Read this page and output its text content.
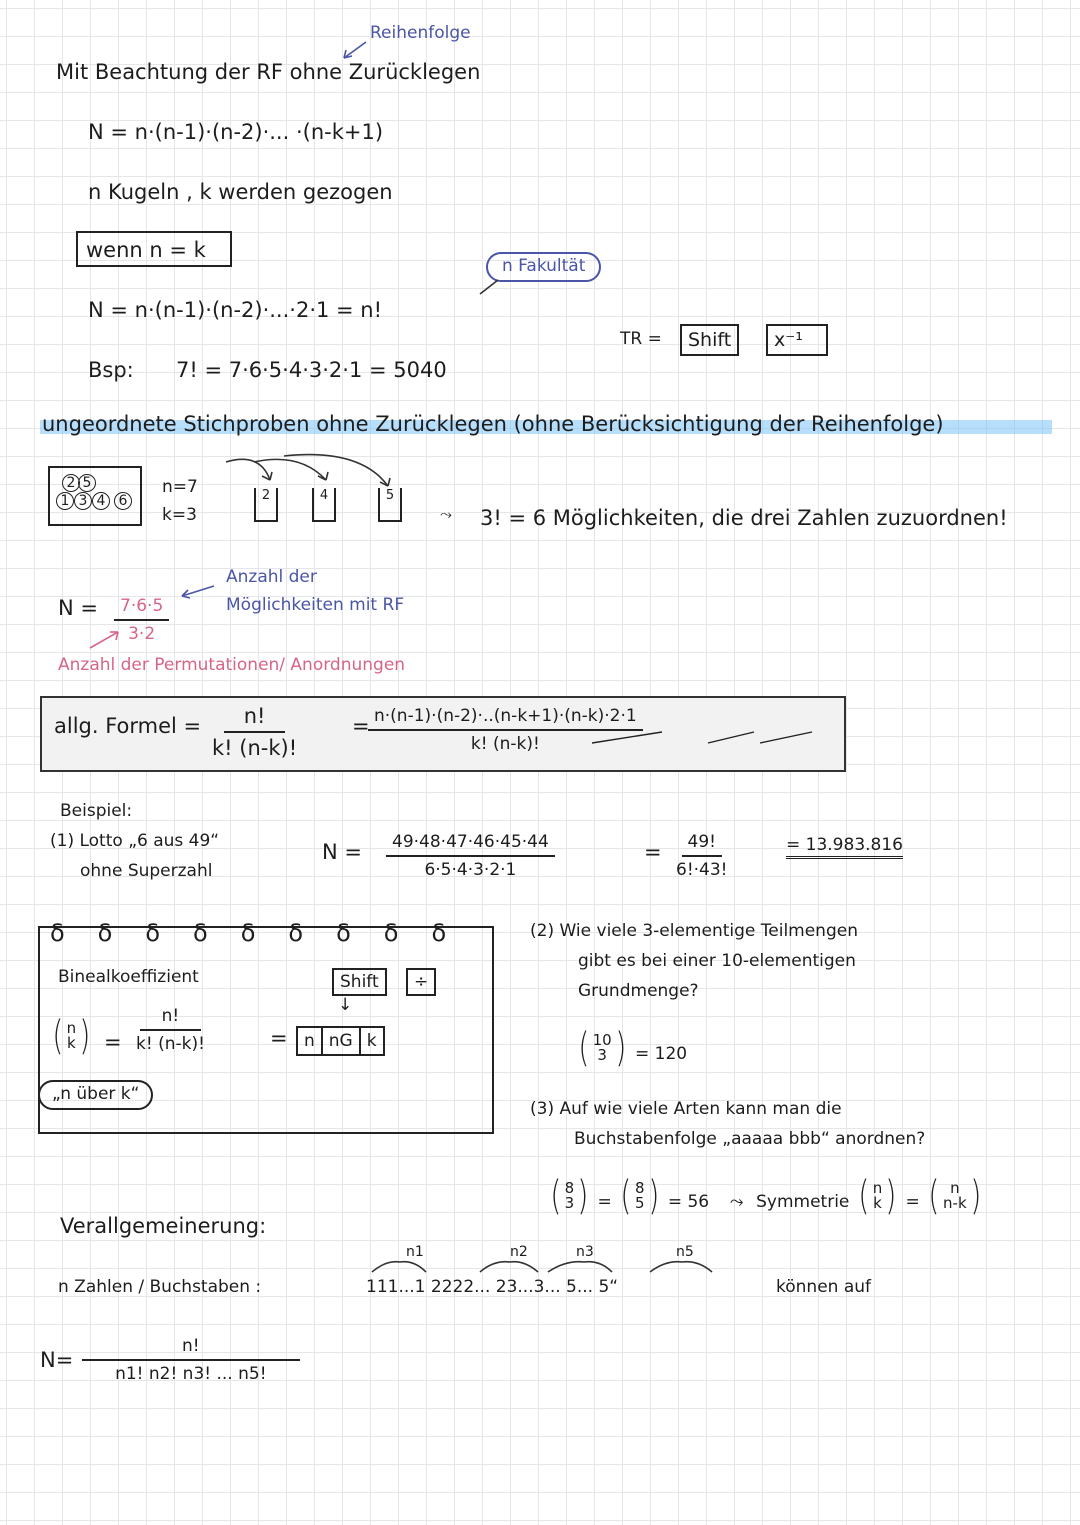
Reihenfolge
Mit Beachtung der RF ohne Zurücklegen
N = n·(n-1)·(n-2)·... ·(n-k+1)
n Kugeln , k werden gezogen
wenn n = k
N = n·(n-1)·(n-2)·...·2·1 = n!
n Fakultät
TR =	Shift	x⁻¹
Bsp: 7! = 7·6·5·4·3·2·1 = 5040
ungeordnete Stichproben ohne Zurücklegen (ohne Berücksichtigung der Reihenfolge)
2 5
1 3 4 6
n=7
k=3
2	4	5
⤳ 3! = 6 Möglichkeiten, die drei Zahlen zuzuordnen!
Anzahl der
Möglichkeiten mit RF
$N = \frac{7\cdot 6\cdot 5}{3\cdot 2}$
Anzahl der Permutationen/ Anordnungen
allg. Formel = $\frac{n!}{k! (n-k)!}$	=
$\frac{n\cdot(n-1)\cdot(n-2)\cdot..(n-k+1)\cdot(n-k)\cdot 2\cdot 1}{k! (n-k)!}$
Beispiel:
(1) Lotto „6 aus 49“
ohne Superzahl
$N = \frac{49\cdot 48\cdot 47\cdot 46\cdot 45\cdot 44}{6\cdot 5\cdot 4\cdot 3\cdot 2\cdot 1}$	= $\frac{49!}{6!\cdot 43!}$	= 13.983.816
(2) Wie viele 3-elementige Teilmengen
gibt es bei einer 10-elementigen
Grundmenge?
( 10
3 ) = 120
(3) Auf wie viele Arten kann man die
Buchstabenfolge „aaaaa bbb“ anordnen?
( 8
3 ) = ( 8
5 ) = 56 ⤳ Symmetrie ( n
k ) = ( n
n-k )
δδδδδδδδδ
Binealkoeffizient	Shift	÷
↓
( n
k ) = $\frac{n!}{k! (n-k)!}$	= n nG k
„n über k“
Verallgemeinerung:
n1	n2	n3	n5
n Zahlen / Buchstaben :	111...1 2222... 23...3... 5... 5“	können auf
$N= \frac{n!}{n1! n2! n3! ... n5!}$
